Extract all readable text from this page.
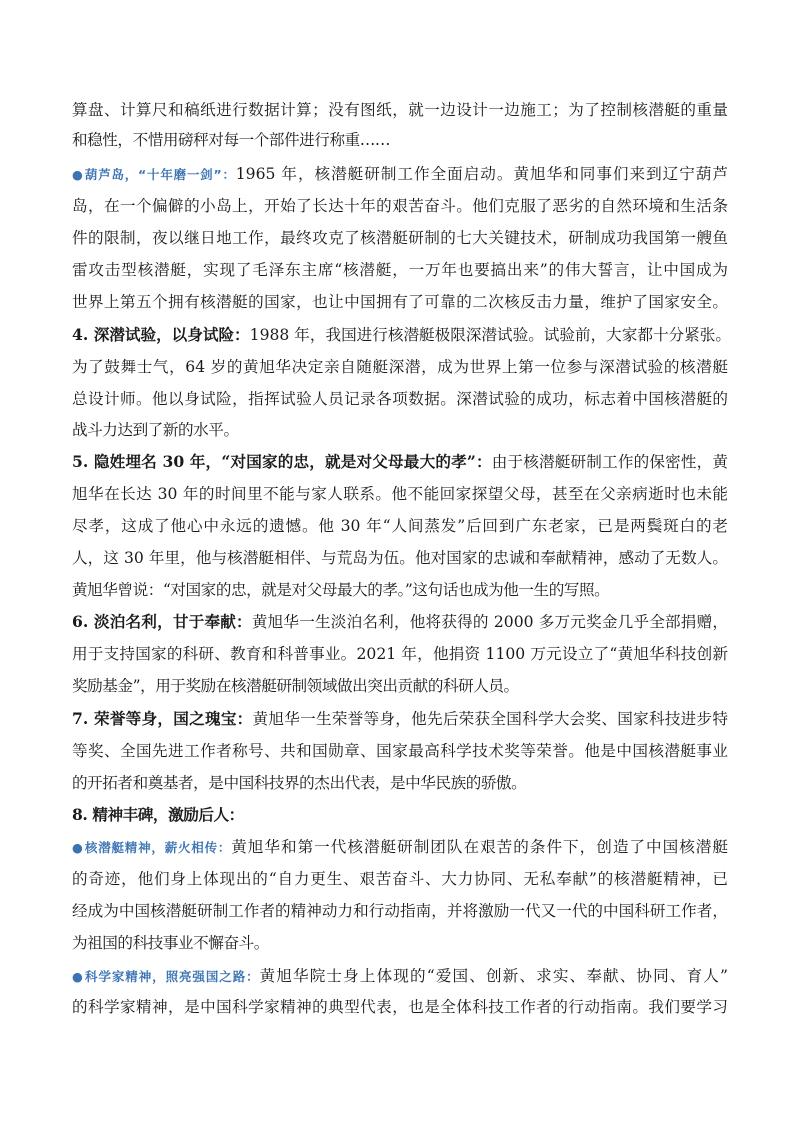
算盘、计算尺和稿纸进行数据计算；没有图纸，就一边设计一边施工；为了控制核潜艇的重量
和稳性，不惜用磅秤对每一个部件进行称重……
●葫芦岛，“十年磨一剑”：1965 年，核潜艇研制工作全面启动。黄旭华和同事们来到辽宁葫芦
岛，在一个偏僻的小岛上，开始了长达十年的艰苦奋斗。他们克服了恶劣的自然环境和生活条
件的限制，夜以继日地工作，最终攻克了核潜艇研制的七大关键技术，研制成功我国第一艘鱼
雷攻击型核潜艇，实现了毛泽东主席“核潜艇，一万年也要搞出来”的伟大誓言，让中国成为
世界上第五个拥有核潜艇的国家，也让中国拥有了可靠的二次核反击力量，维护了国家安全。
4. 深潜试验，以身试险：1988 年，我国进行核潜艇极限深潜试验。试验前，大家都十分紧张。
为了鼓舞士气，64 岁的黄旭华决定亲自随艇深潜，成为世界上第一位参与深潜试验的核潜艇
总设计师。他以身试险，指挥试验人员记录各项数据。深潜试验的成功，标志着中国核潜艇的
战斗力达到了新的水平。
5. 隐姓埋名 30 年，“对国家的忠，就是对父母最大的孝”：由于核潜艇研制工作的保密性，黄
旭华在长达 30 年的时间里不能与家人联系。他不能回家探望父母，甚至在父亲病逝时也未能
尽孝，这成了他心中永远的遗憾。他 30 年“人间蒸发”后回到广东老家，已是两鬓斑白的老
人，这 30 年里，他与核潜艇相伴、与荒岛为伍。他对国家的忠诚和奉献精神，感动了无数人。
黄旭华曾说：“对国家的忠，就是对父母最大的孝。”这句话也成为他一生的写照。
6. 淡泊名利，甘于奉献：黄旭华一生淡泊名利，他将获得的 2000 多万元奖金几乎全部捐赠，
用于支持国家的科研、教育和科普事业。2021 年，他捐资 1100 万元设立了“黄旭华科技创新
奖励基金”，用于奖励在核潜艇研制领域做出突出贡献的科研人员。
7. 荣誉等身，国之瑰宝：黄旭华一生荣誉等身，他先后荣获全国科学大会奖、国家科技进步特
等奖、全国先进工作者称号、共和国勋章、国家最高科学技术奖等荣誉。他是中国核潜艇事业
的开拓者和奠基者，是中国科技界的杰出代表，是中华民族的骄傲。
8. 精神丰碑，激励后人：
●核潜艇精神，薪火相传：黄旭华和第一代核潜艇研制团队在艰苦的条件下，创造了中国核潜艇
的奇迹，他们身上体现出的“自力更生、艰苦奋斗、大力协同、无私奉献”的核潜艇精神，已
经成为中国核潜艇研制工作者的精神动力和行动指南，并将激励一代又一代的中国科研工作者，
为祖国的科技事业不懈奋斗。
●科学家精神，照亮强国之路：黄旭华院士身上体现的“爱国、创新、求实、奉献、协同、育人”
的科学家精神，是中国科学家精神的典型代表，也是全体科技工作者的行动指南。我们要学习
